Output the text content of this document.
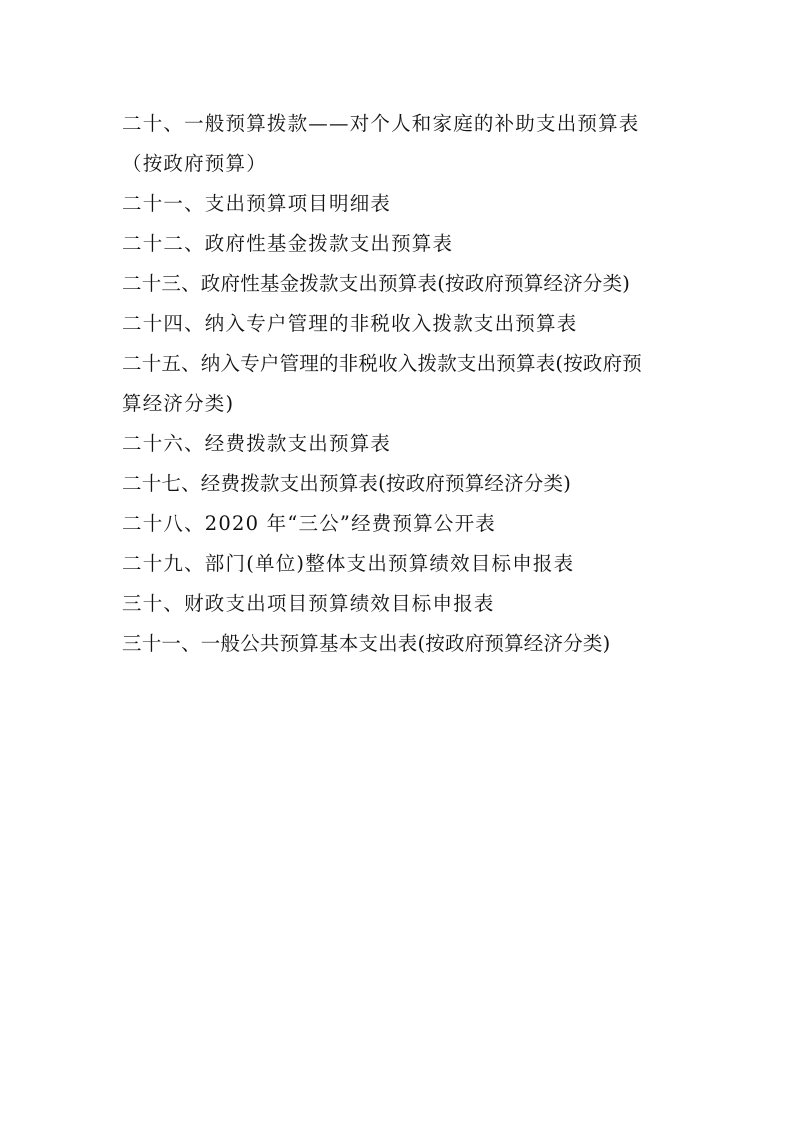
二十、一般预算拨款——对个人和家庭的补助支出预算表
（按政府预算）
二十一、支出预算项目明细表
二十二、政府性基金拨款支出预算表
二十三、政府性基金拨款支出预算表(按政府预算经济分类)
二十四、纳入专户管理的非税收入拨款支出预算表
二十五、纳入专户管理的非税收入拨款支出预算表(按政府预
算经济分类)
二十六、经费拨款支出预算表
二十七、经费拨款支出预算表(按政府预算经济分类)
二十八、2020 年“三公”经费预算公开表
二十九、部门(单位)整体支出预算绩效目标申报表
三十、财政支出项目预算绩效目标申报表
三十一、一般公共预算基本支出表(按政府预算经济分类)
